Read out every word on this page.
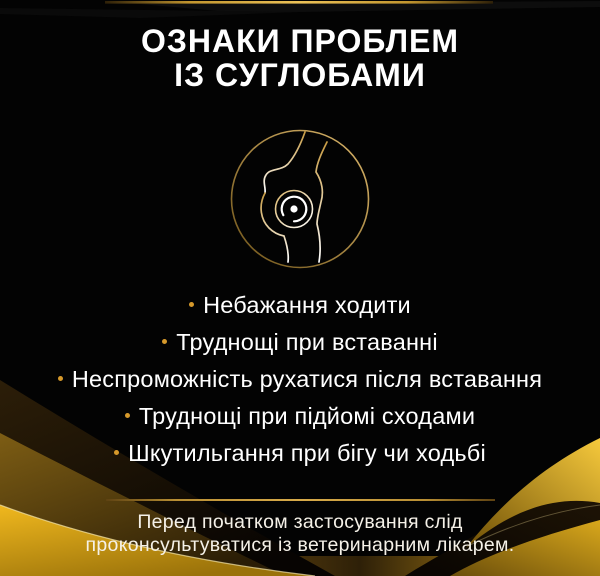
ОЗНАКИ ПРОБЛЕМ
ІЗ СУГЛОБАМИ
Небажання ходити
Труднощі при вставанні
Неспроможність рухатися після вставання
Труднощі при підйомі сходами
Шкутильгання при бігу чи ходьбі

Перед початком застосування слід
проконсультуватися із ветеринарним лікарем.
